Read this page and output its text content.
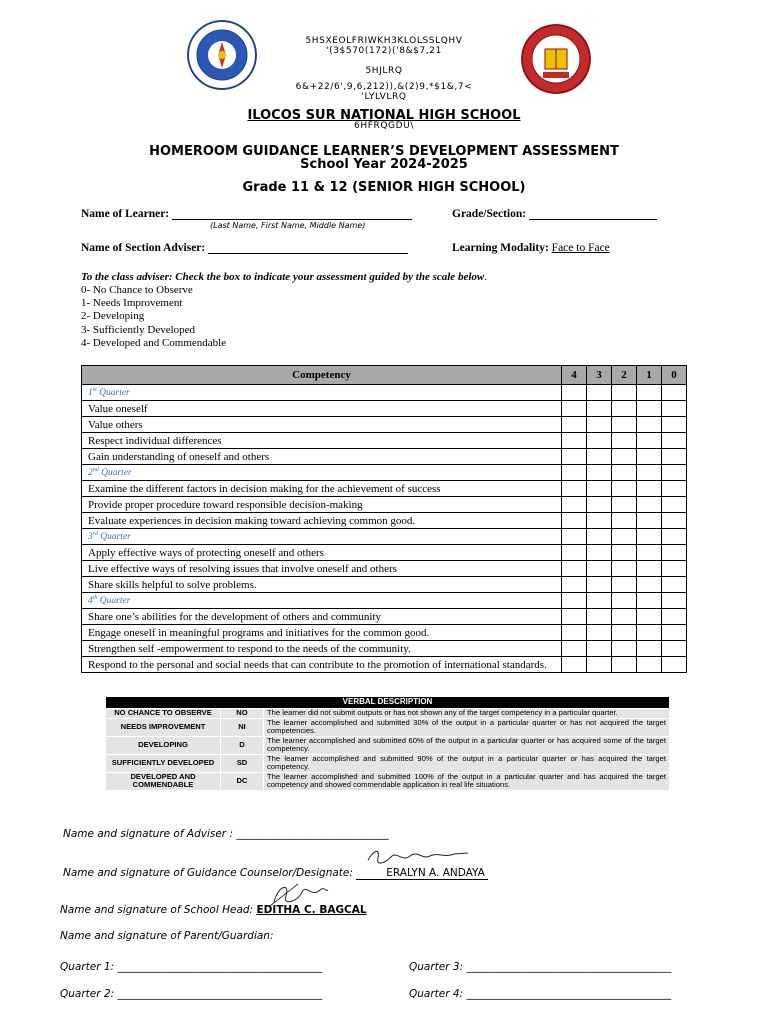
5HSXEOLFRIWKH3KLOLSSLQHV
'(3$570(172)('8&$7,21
5HJLRQ
6&+22/6',9,6,212)),&(2)9,*$1&,7<
'LYLVLRQ
ILOCOS SUR NATIONAL HIGH SCHOOL
6HFRQGDU\
HOMEROOM GUIDANCE LEARNER’S DEVELOPMENT ASSESSMENT
School Year 2024-2025
Grade 11 & 12 (SENIOR HIGH SCHOOL)
Name of Learner:
(Last Name, First Name, Middle Name)
Grade/Section:
Name of Section Adviser:	Learning Modality: Face to Face
To the class adviser: Check the box to indicate your assessment guided by the scale below.
0- No Chance to Observe
1- Needs Improvement
2- Developing
3- Sufficiently Developed
4- Developed and Commendable
Competency	4	3	2	1	0
1st Quarter					
Value oneself					
Value others					
Respect individual differences					
Gain understanding of oneself and others					
2nd Quarter					
Examine the different factors in decision making for the achievement of success					
Provide proper procedure toward responsible decision-making					
Evaluate experiences in decision making toward achieving common good.					
3rd Quarter					
Apply effective ways of protecting oneself and others					
Live effective ways of resolving issues that involve oneself and others					
Share skills helpful to solve problems.					
4th Quarter					
Share one’s abilities for the development of others and community					
Engage oneself in meaningful programs and initiatives for the common good.					
Strengthen self -empowerment to respond to the needs of the community.					
Respond to the personal and social needs that can contribute to the promotion of international standards.					
VERBAL DESCRIPTION		
NO CHANCE TO OBSERVE	NO	The learner did not submit outputs or has not shown any of the target competency in a particular quarter.
NEEDS IMPROVEMENT	NI	The learner accomplished and submitted 30% of the output in a particular quarter or has not acquired the target competencies.
DEVELOPING	D	The learner accomplished and submitted 60% of the output in a particular quarter or has acquired some of the target competency.
SUFFICIENTLY DEVELOPED	SD	The learner accomplished and submitted 90% of the output in a particular quarter or has acquired the target competency.
DEVELOPED AND COMMENDABLE	DC	The learner accomplished and submitted 100% of the output in a particular quarter and has acquired the target competency and showed commendable application in real life situations.
Name and signature of Adviser : _____________________________
Name and signature of Guidance Counselor/Designate:	ERALYN A. ANDAYA
Name and signature of School Head: EDITHA C. BAGCAL
Name and signature of Parent/Guardian:
Quarter 1: _______________________________________	Quarter 3: _______________________________________
Quarter 2: _______________________________________	Quarter 4: _______________________________________
